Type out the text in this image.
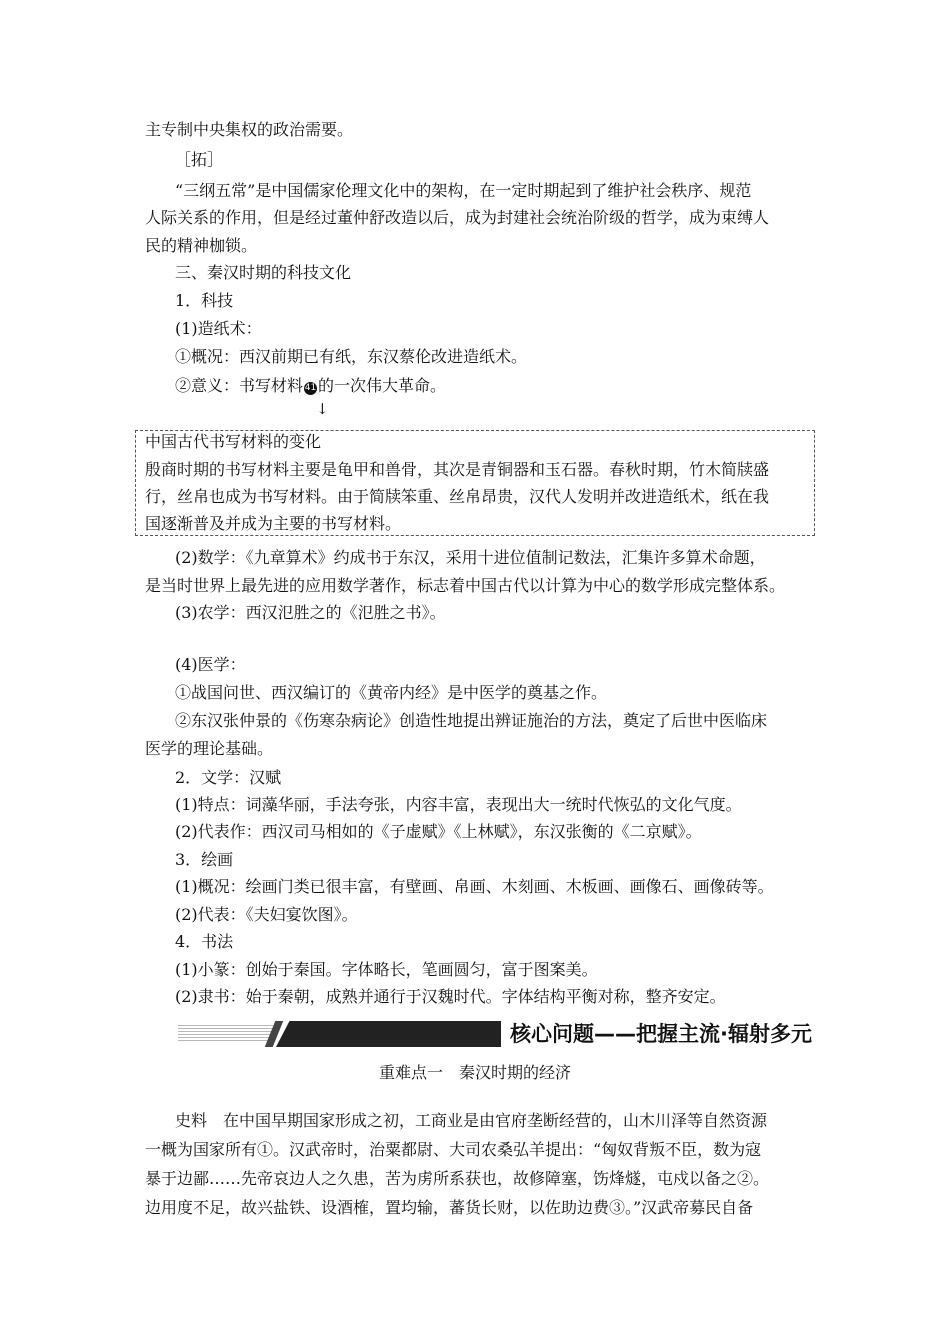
主专制中央集权的政治需要。
［拓］
“三纲五常”是中国儒家伦理文化中的架构，在一定时期起到了维护社会秩序、规范
人际关系的作用，但是经过董仲舒改造以后，成为封建社会统治阶级的哲学，成为束缚人
民的精神枷锁。
三、秦汉时期的科技文化
1．科技
(1)造纸术：
①概况：西汉前期已有纸，东汉蔡伦改进造纸术。
②意义：书写材料 41 的一次伟大革命。
↓
中国古代书写材料的变化
殷商时期的书写材料主要是龟甲和兽骨，其次是青铜器和玉石器。春秋时期，竹木简牍盛
行，丝帛也成为书写材料。由于简牍笨重、丝帛昂贵，汉代人发明并改进造纸术，纸在我
国逐渐普及并成为主要的书写材料。
(2)数学：《九章算术》约成书于东汉，采用十进位值制记数法，汇集许多算术命题，
是当时世界上最先进的应用数学著作，标志着中国古代以计算为中心的数学形成完整体系。
(3)农学：西汉氾胜之的《氾胜之书》。
(4)医学：
①战国问世、西汉编订的《黄帝内经》是中医学的奠基之作。
②东汉张仲景的《伤寒杂病论》创造性地提出辨证施治的方法，奠定了后世中医临床
医学的理论基础。
2．文学：汉赋
(1)特点：词藻华丽，手法夸张，内容丰富，表现出大一统时代恢弘的文化气度。
(2)代表作：西汉司马相如的《子虚赋》《上林赋》，东汉张衡的《二京赋》。
3．绘画
(1)概况：绘画门类已很丰富，有壁画、帛画、木刻画、木板画、画像石、画像砖等。
(2)代表：《夫妇宴饮图》。
4．书法
(1)小篆：创始于秦国。字体略长，笔画圆匀，富于图案美。
(2)隶书：始于秦朝，成熟并通行于汉魏时代。字体结构平衡对称，整齐安定。
核心问题——把握主流·辐射多元
重难点一　秦汉时期的经济
史料　在中国早期国家形成之初，工商业是由官府垄断经营的，山木川泽等自然资源
一概为国家所有①。汉武帝时，治粟都尉、大司农桑弘羊提出：“匈奴背叛不臣，数为寇
暴于边鄙……先帝哀边人之久患，苦为虏所系获也，故修障塞，饬烽燧，屯戍以备之②。
边用度不足，故兴盐铁、设酒榷，置均输，蕃货长财，以佐助边费③。”汉武帝募民自备
